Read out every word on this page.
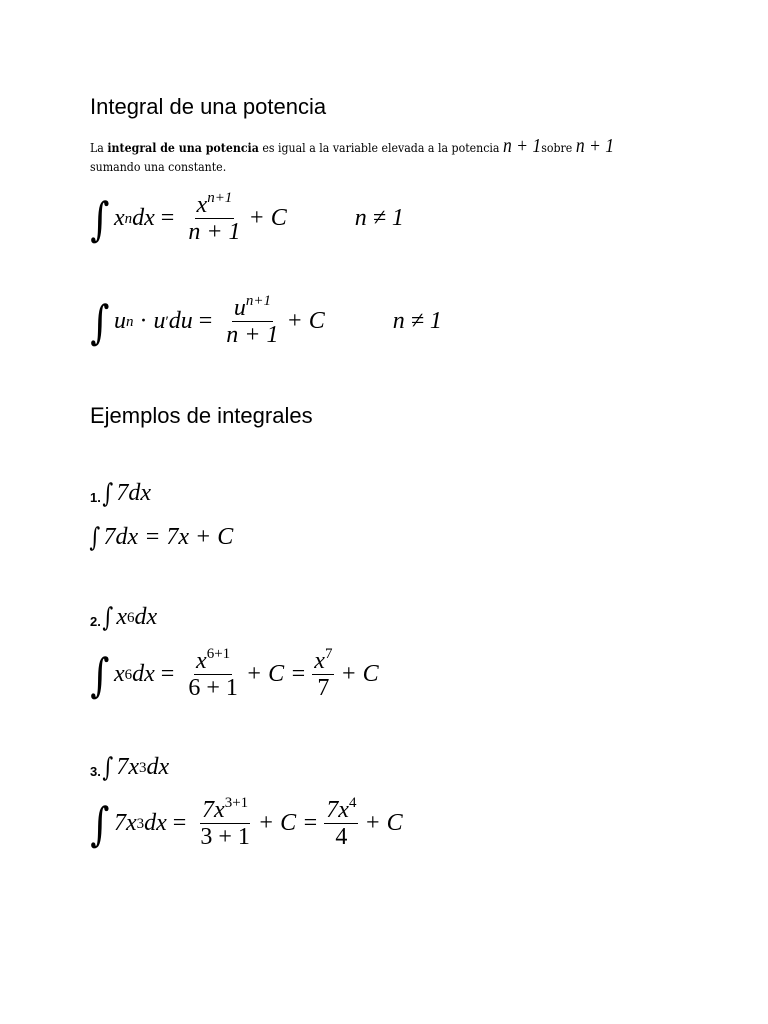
Integral de una potencia
La integral de una potencia es igual a la variable elevada a la potencia n + 1sobre n + 1
sumando una constante.
∫ x n dx = $\frac{x^{n+1}}{n + 1} + C$	n ≠ 1
∫ u n · u ′ du = $\frac{u^{n+1}}{n + 1} + C$	n ≠ 1
Ejemplos de integrales
1. ∫ 7dx
∫ 7dx = 7x + C
2. ∫ x 6 dx
∫ x 6 dx = $\frac{x^{6+1}}{6 + 1} + C = \frac{x^7}{7} + C$
3. ∫ 7x 3 dx
∫ 7x 3 dx = $\frac{7x^{3+1}}{3 + 1} + C = \frac{7x^4}{4} + C$
